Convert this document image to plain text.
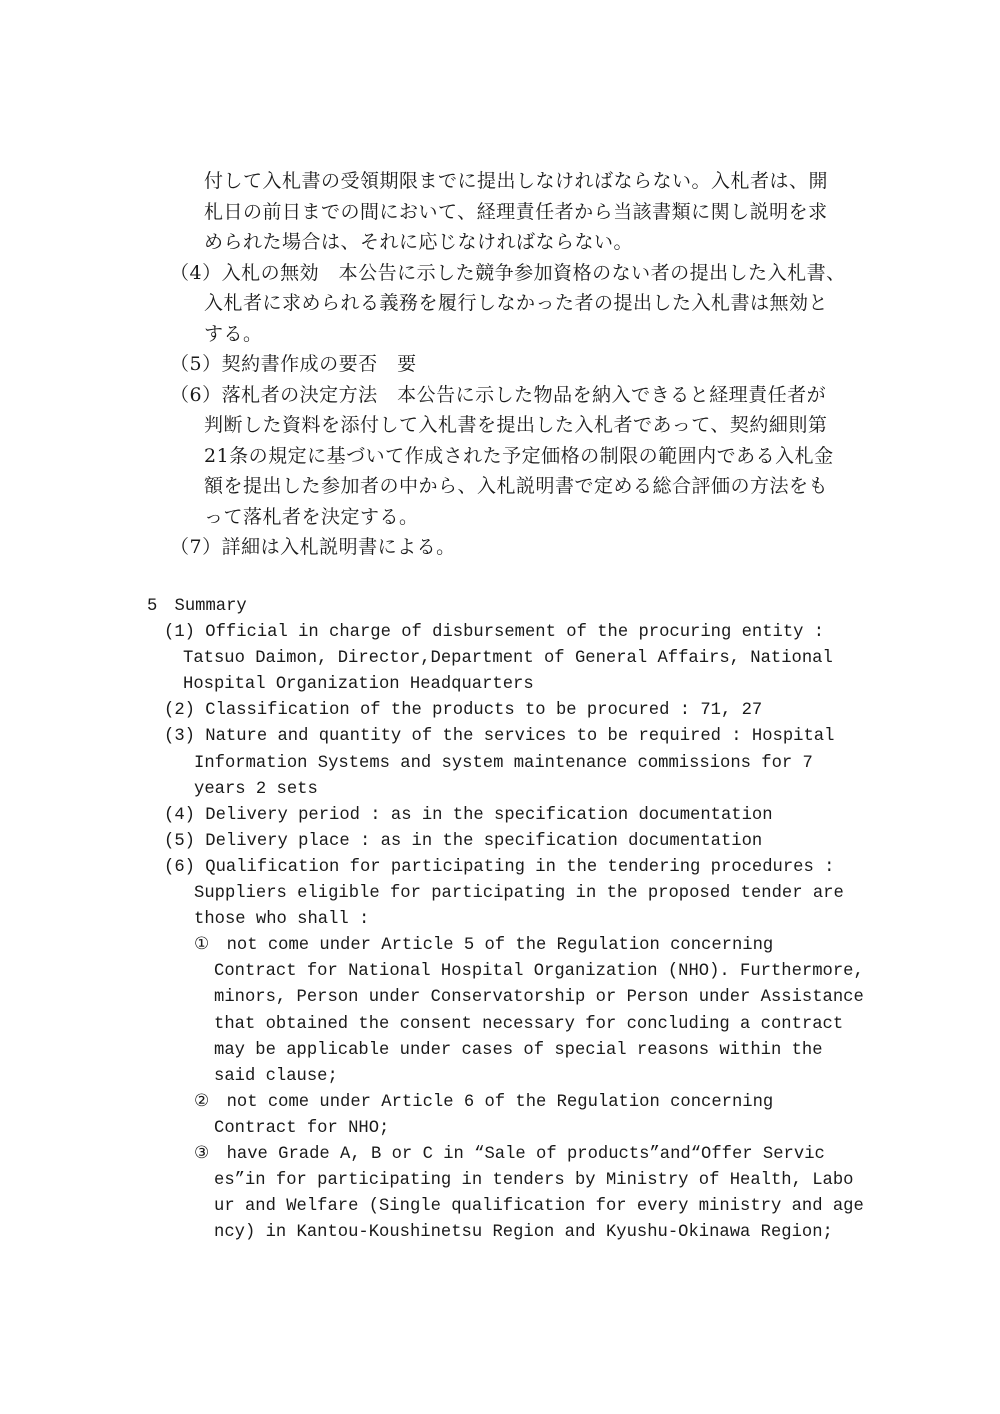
付して入札書の受領期限までに提出しなければならない。入札者は、開
札日の前日までの間において、経理責任者から当該書類に関し説明を求
められた場合は、それに応じなければならない。
（4）入札の無効　本公告に示した競争参加資格のない者の提出した入札書、
入札者に求められる義務を履行しなかった者の提出した入札書は無効と
する。
（5）契約書作成の要否　要
（6）落札者の決定方法　本公告に示した物品を納入できると経理責任者が
判断した資料を添付して入札書を提出した入札者であって、契約細則第
21条の規定に基づいて作成された予定価格の制限の範囲内である入札金
額を提出した参加者の中から、入札説明書で定める総合評価の方法をも
って落札者を決定する。
（7）詳細は入札説明書による。
5　Summary
(1) Official in charge of disbursement of the procuring entity :
Tatsuo Daimon, Director,Department of General Affairs, National
Hospital Organization Headquarters
(2) Classification of the products to be procured : 71, 27
(3) Nature and quantity of the services to be required : Hospital
Information Systems and system maintenance commissions for 7
years 2 sets
(4) Delivery period : as in the specification documentation
(5) Delivery place : as in the specification documentation
(6) Qualification for participating in the tendering procedures :
Suppliers eligible for participating in the proposed tender are
those who shall :
①　not come under Article 5 of the Regulation concerning
Contract for National Hospital Organization (NHO). Furthermore,
minors, Person under Conservatorship or Person under Assistance
that obtained the consent necessary for concluding a contract
may be applicable under cases of special reasons within the
said clause;
②　not come under Article 6 of the Regulation concerning
Contract for NHO;
③　have Grade A, B or C in “Sale of products”and“Offer Servic
es”in for participating in tenders by Ministry of Health, Labo
ur and Welfare (Single qualification for every ministry and age
ncy) in Kantou-Koushinetsu Region and Kyushu-Okinawa Region;
